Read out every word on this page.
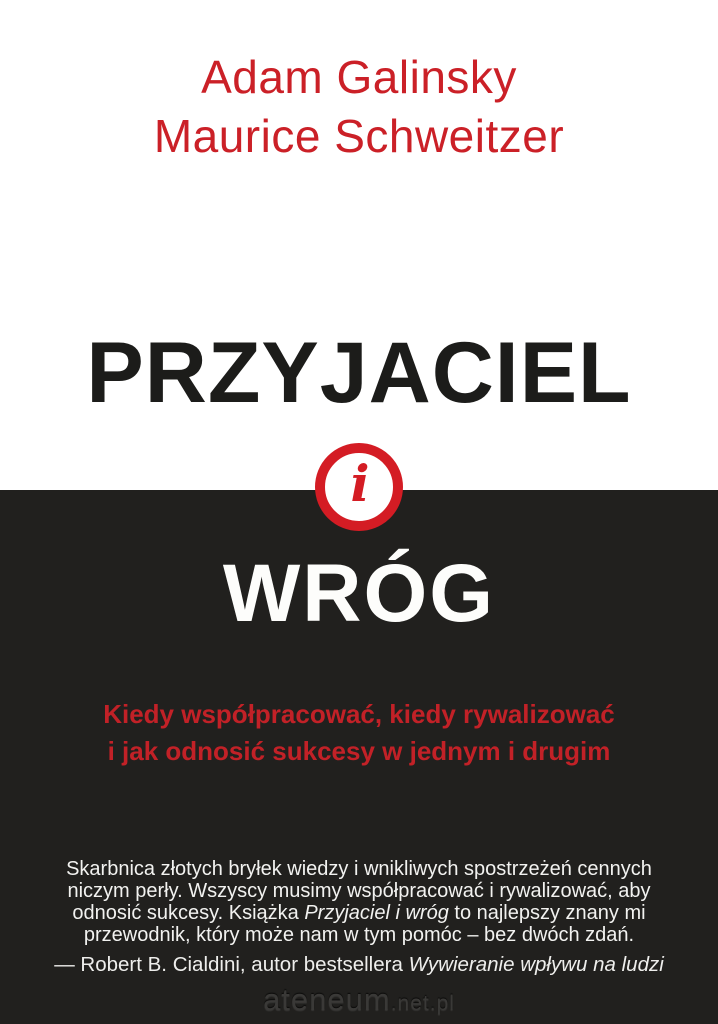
Adam Galinsky
Maurice Schweitzer
PRZYJACIEL
i
WRÓG
Kiedy współpracować, kiedy rywalizować
i jak odnosić sukcesy w jednym i drugim
Skarbnica złotych bryłek wiedzy i wnikliwych spostrzeżeń cennych
niczym perły. Wszyscy musimy współpracować i rywalizować, aby
odnosić sukcesy. Książka Przyjaciel i wróg to najlepszy znany mi
przewodnik, który może nam w tym pomóc – bez dwóch zdań.
— Robert B. Cialdini, autor bestsellera Wywieranie wpływu na ludzi
ateneum.net.pl
